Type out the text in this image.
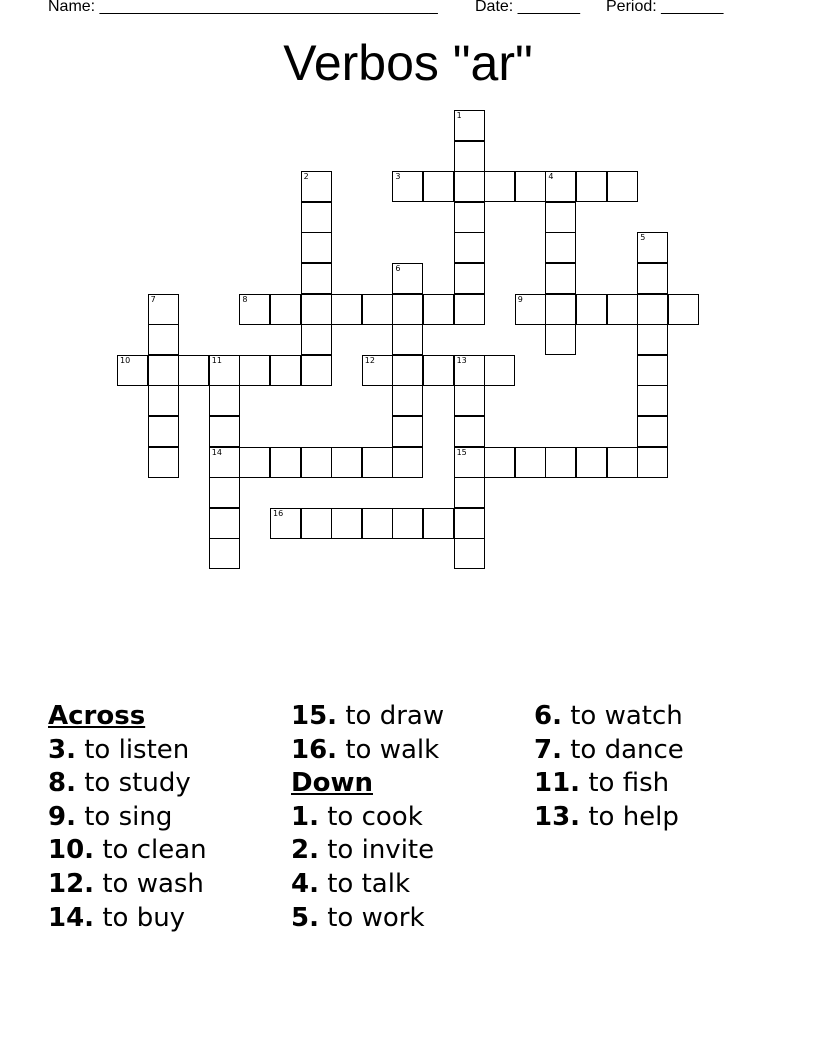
Name: ______________________________________ Date: _______ Period: _______
Verbos "ar"
1
2	3	4
5
6
7	8	9
10	11
14
12	13
15
16
Across
3. to listen
8. to study
9. to sing
10. to clean
12. to wash
14. to buy
15. to draw
16. to walk
Down
1. to cook
2. to invite
4. to talk
5. to work
6. to watch
7. to dance
11. to fish
13. to help
